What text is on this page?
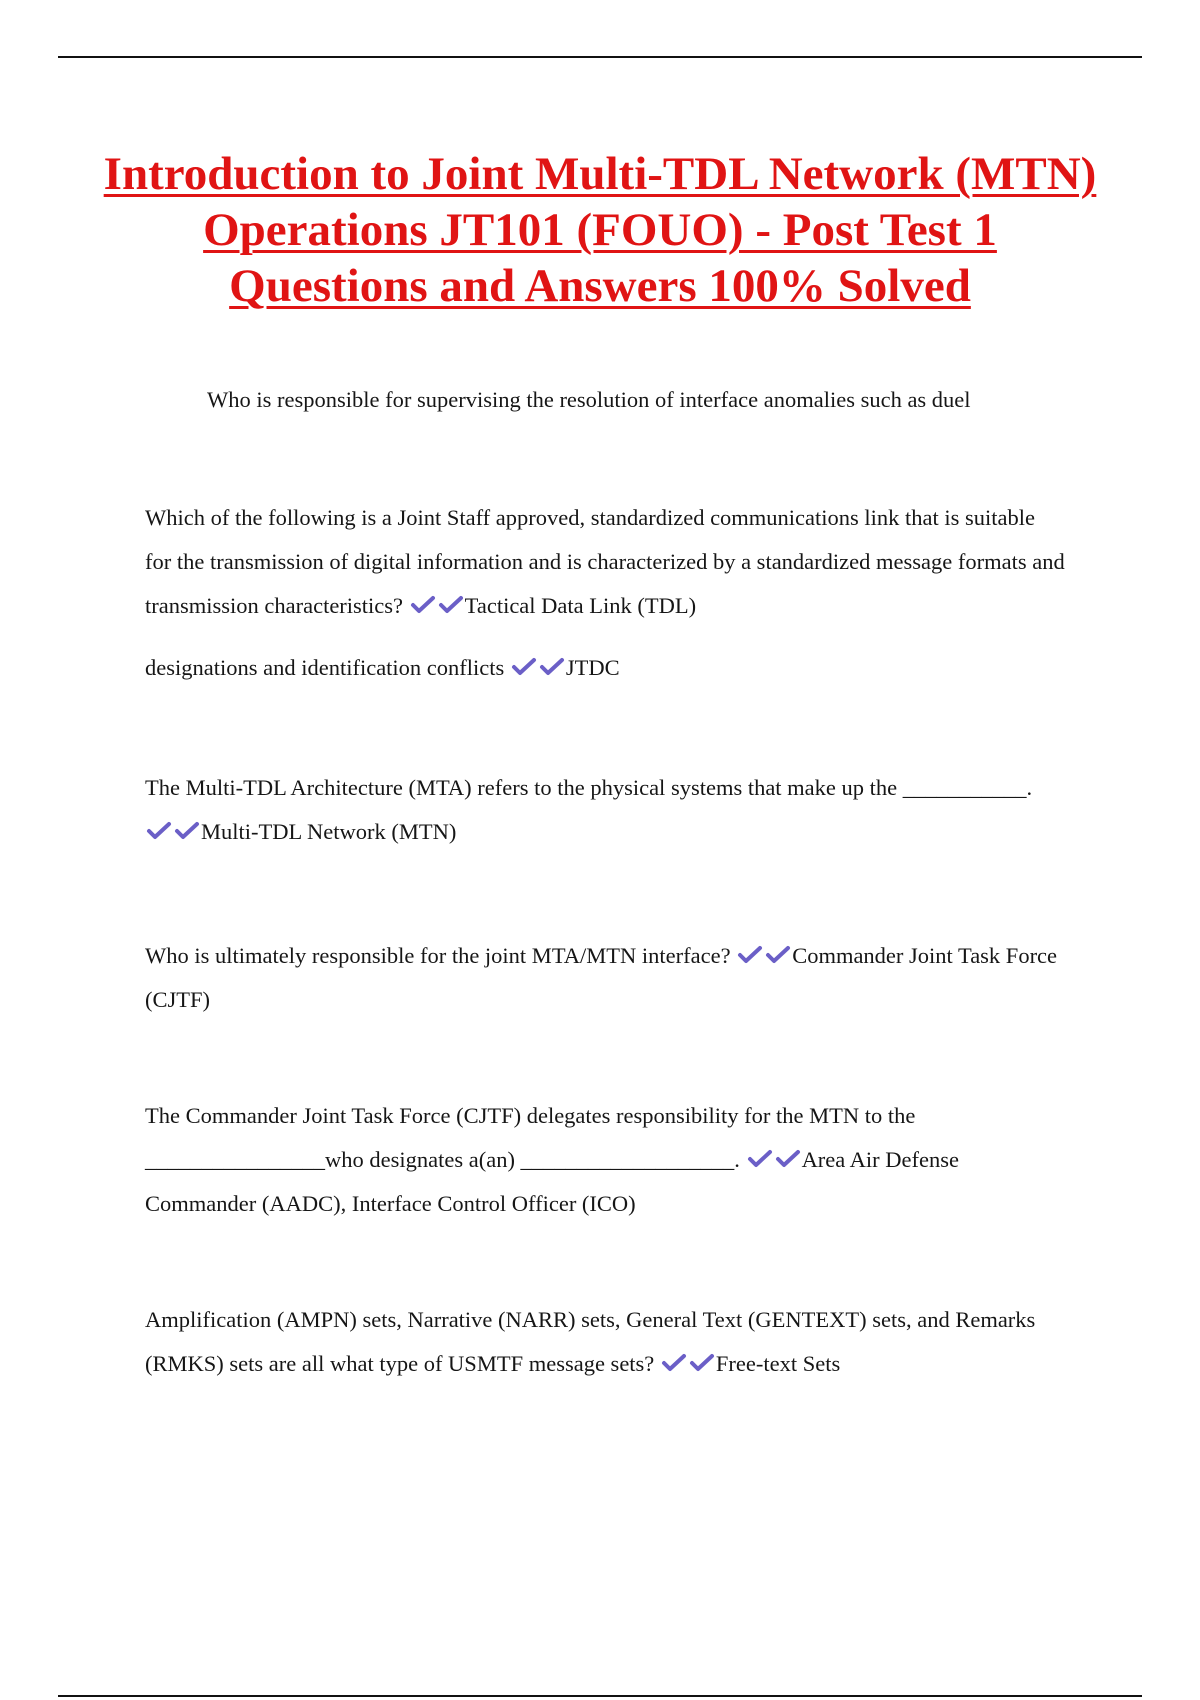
Introduction to Joint Multi-TDL Network (MTN) Operations JT101 (FOUO) - Post Test 1 Questions and Answers 100% Solved

Who is responsible for supervising the resolution of interface anomalies such as duel

Which of the following is a Joint Staff approved, standardized communications link that is suitable for the transmission of digital information and is characterized by a standardized message formats and transmission characteristics?	Tactical Data Link (TDL)

designations and identification conflicts	JTDC

The Multi-TDL Architecture (MTA) refers to the physical systems that make up the ___________.
Multi-TDL Network (MTN)

Who is ultimately responsible for the joint MTA/MTN interface?	Commander Joint Task Force (CJTF)

The Commander Joint Task Force (CJTF) delegates responsibility for the MTN to the ________________who designates a(an) ___________________.	Area Air Defense Commander (AADC), Interface Control Officer (ICO)

Amplification (AMPN) sets, Narrative (NARR) sets, General Text (GENTEXT) sets, and Remarks (RMKS) sets are all what type of USMTF message sets?	Free-text Sets
